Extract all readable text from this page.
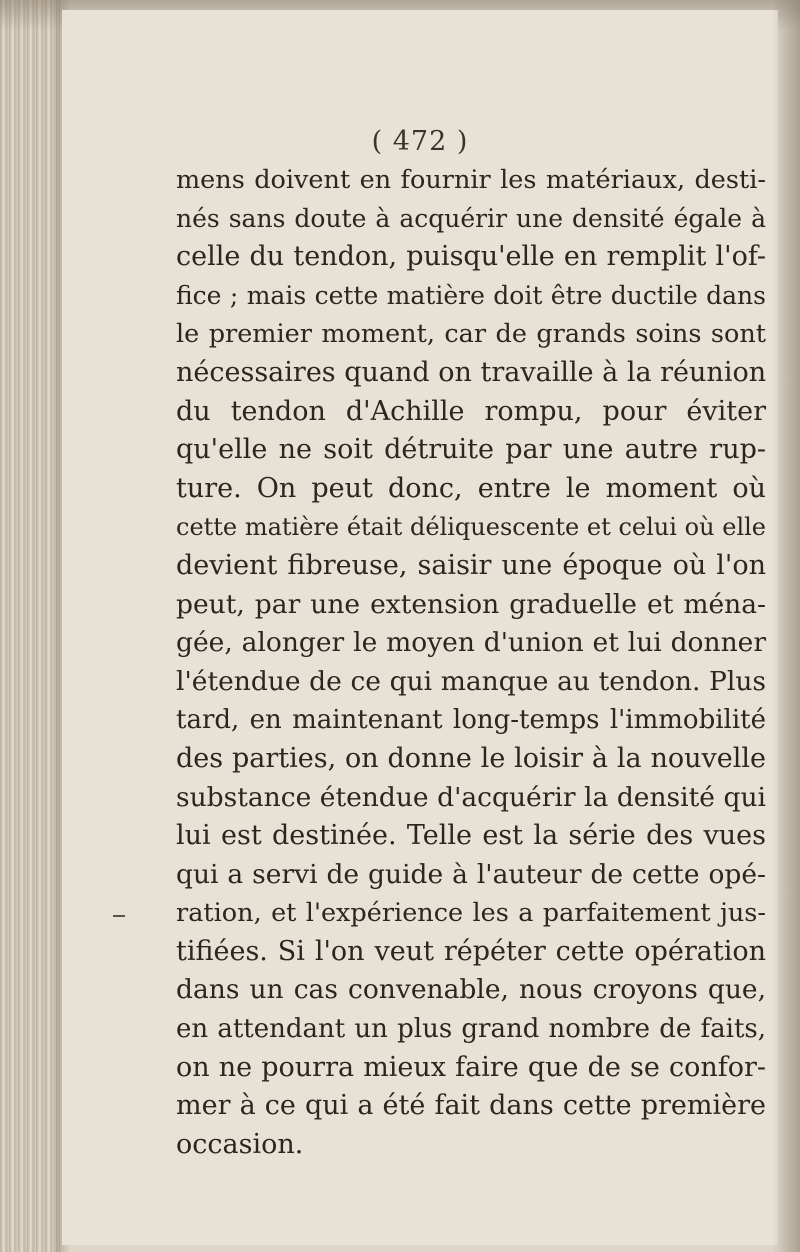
( 472 )
mens doivent en fournir les matériaux, desti-
nés sans doute à acquérir une densité égale à
celle du tendon, puisqu'elle en remplit l'of-
fice ; mais cette matière doit être ductile dans
le premier moment, car de grands soins sont
nécessaires quand on travaille à la réunion
du tendon d'Achille rompu, pour éviter
qu'elle ne soit détruite par une autre rup-
ture. On peut donc, entre le moment où
cette matière était déliquescente et celui où elle
devient fibreuse, saisir une époque où l'on
peut, par une extension graduelle et ména-
gée, alonger le moyen d'union et lui donner
l'étendue de ce qui manque au tendon. Plus
tard, en maintenant long-temps l'immobilité
des parties, on donne le loisir à la nouvelle
substance étendue d'acquérir la densité qui
lui est destinée. Telle est la série des vues
qui a servi de guide à l'auteur de cette opé-
ration, et l'expérience les a parfaitement jus-
tifiées. Si l'on veut répéter cette opération
dans un cas convenable, nous croyons que,
en attendant un plus grand nombre de faits,
on ne pourra mieux faire que de se confor-
mer à ce qui a été fait dans cette première
occasion.
